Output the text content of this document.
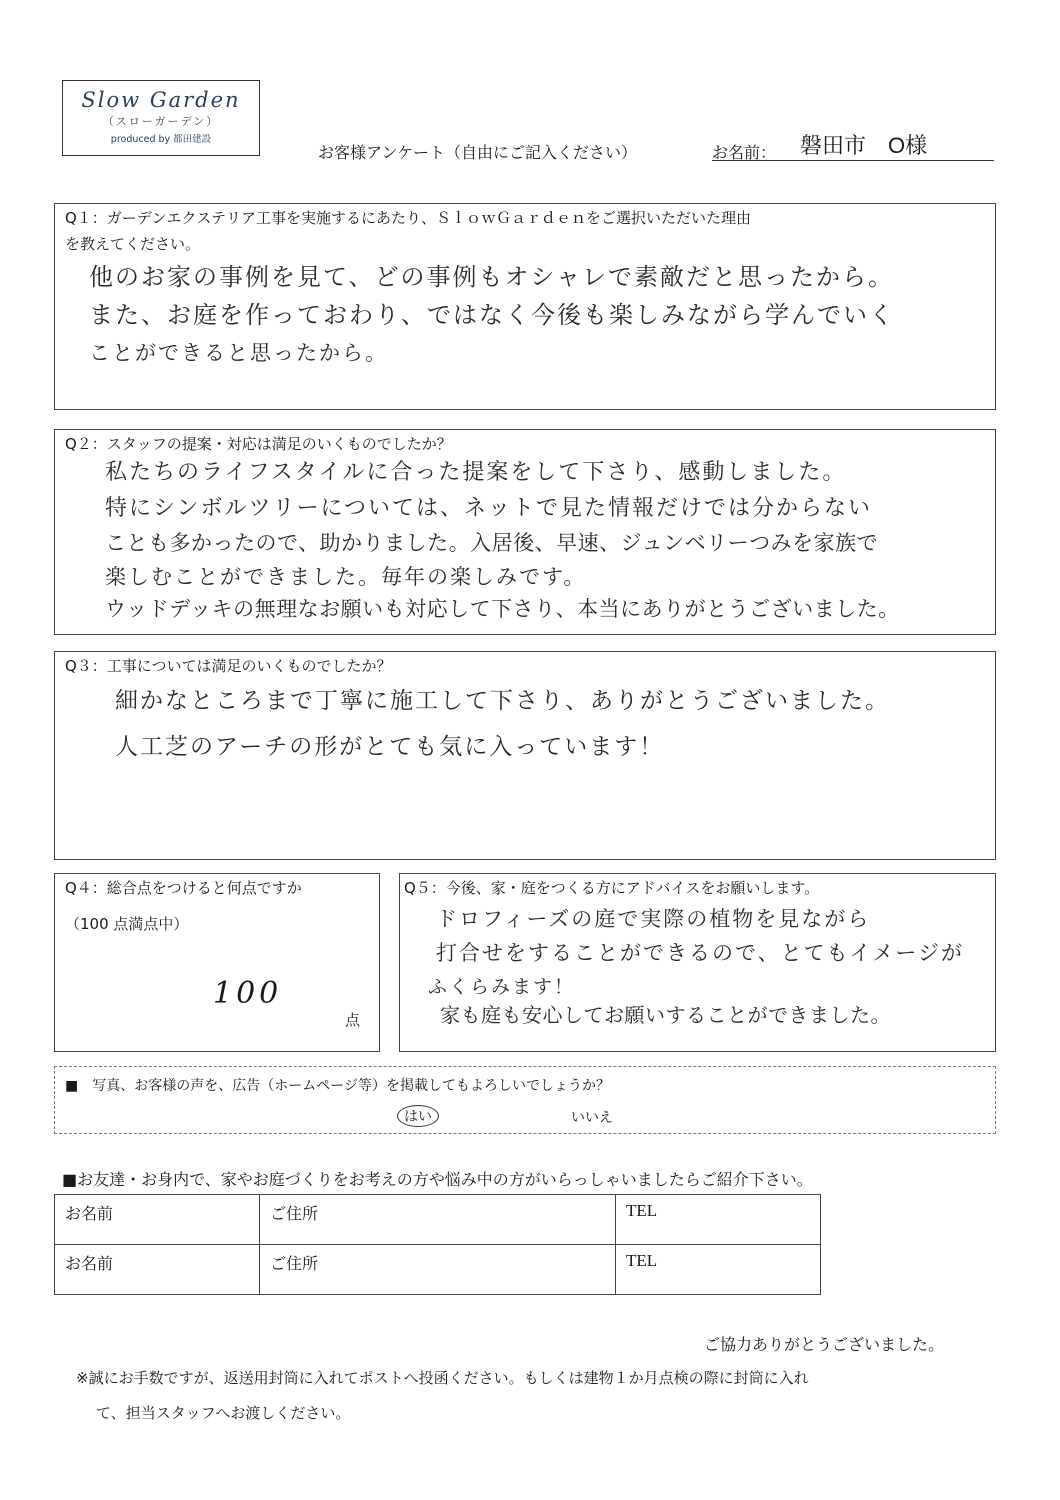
Slow Garden
（スローガーデン）
produced by 都田建設
お客様アンケート（自由にご記入ください）	お名前： 磐田市　O様
Q１：ガーデンエクステリア工事を実施するにあたり、ＳｌｏｗＧａｒｄｅｎをご選択いただいた理由
を教えてください。
他のお家の事例を見て、どの事例もオシャレで素敵だと思ったから。
また、お庭を作っておわり、ではなく今後も楽しみながら学んでいく
ことができると思ったから。
Q２：スタッフの提案・対応は満足のいくものでしたか？
私たちのライフスタイルに合った提案をして下さり、感動しました。
特にシンボルツリーについては、ネットで見た情報だけでは分からない
ことも多かったので、助かりました。入居後、早速、ジュンベリーつみを家族で
楽しむことができました。毎年の楽しみです。
ウッドデッキの無理なお願いも対応して下さり、本当にありがとうございました。
Q３：工事については満足のいくものでしたか？
細かなところまで丁寧に施工して下さり、ありがとうございました。
人工芝のアーチの形がとても気に入っています！
Q４：総合点をつけると何点ですか
（100 点満点中）
100
点
Q５：今後、家・庭をつくる方にアドバイスをお願いします。
ドロフィーズの庭で実際の植物を見ながら
打合せをすることができるので、とてもイメージが
ふくらみます！
家も庭も安心してお願いすることができました。
■　写真、お客様の声を、広告（ホームページ等）を掲載してもよろしいでしょうか？
はい	いいえ
■お友達・お身内で、家やお庭づくりをお考えの方や悩み中の方がいらっしゃいましたらご紹介下さい。
お名前	ご住所	TEL
お名前	ご住所	TEL
ご協力ありがとうございました。
※誠にお手数ですが、返送用封筒に入れてポストへ投函ください。もしくは建物１か月点検の際に封筒に入れ
て、担当スタッフへお渡しください。
